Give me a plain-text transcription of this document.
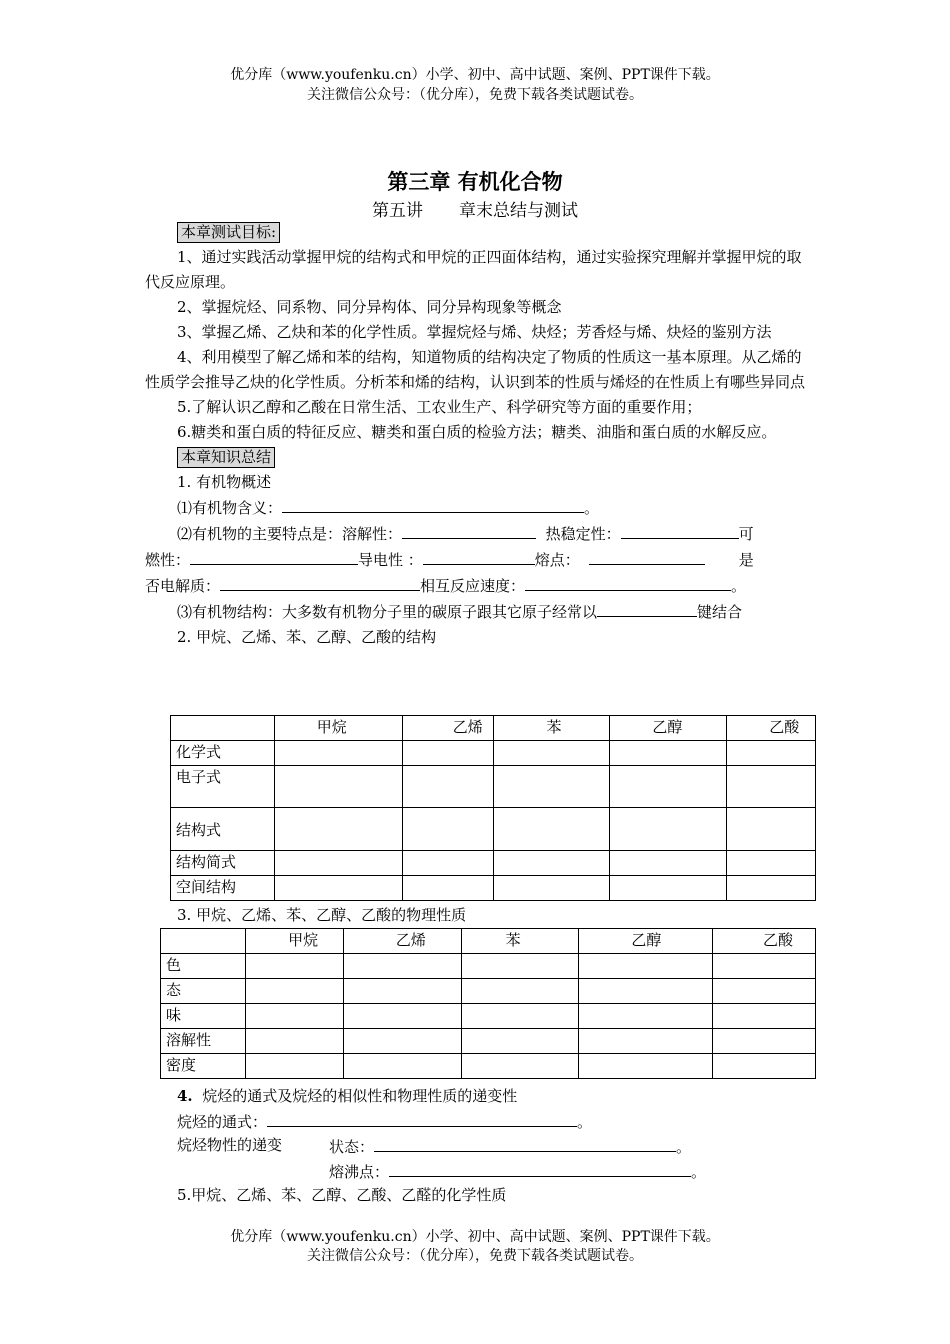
优分库（www.youfenku.cn）小学、初中、高中试题、案例、PPT课件下载。
关注微信公众号：（优分库），免费下载各类试题试卷。
第三章 有机化合物
第五讲 章末总结与测试
本章测试目标:

1、通过实践活动掌握甲烷的结构式和甲烷的正四面体结构，通过实验探究理解并掌握甲烷的取代反应原理。

2、掌握烷烃、同系物、同分异构体、同分异构现象等概念

3、掌握乙烯、乙炔和苯的化学性质。掌握烷烃与烯、炔烃；芳香烃与烯、炔烃的鉴别方法

4、利用模型了解乙烯和苯的结构，知道物质的结构决定了物质的性质这一基本原理。从乙烯的性质学会推导乙炔的化学性质。分析苯和烯的结构，认识到苯的性质与烯烃的在性质上有哪些异同点

5.了解认识乙醇和乙酸在日常生活、工农业生产、科学研究等方面的重要作用；

6.糖类和蛋白质的特征反应、糖类和蛋白质的检验方法；糖类、油脂和蛋白质的水解反应。

本章知识总结

1. 有机物概述

⑴有机物含义：	。

⑵有机物的主要特点是：溶解性：	热稳定性：	可

燃性：	导电性 ：	熔点：	是

否电解质：	相互反应速度：	。

⑶有机物结构：大多数有机物分子里的碳原子跟其它原子经常以	键结合

2. 甲烷、乙烯、苯、乙醇、乙酸的结构

	甲烷	乙烯	苯	乙醇	乙酸
化学式					
电子式					
结构式					
结构简式					
空间结构					
3. 甲烷、乙烯、苯、乙醇、乙酸的物理性质
	甲烷	乙烯	苯	乙醇	乙酸
色					
态					
味					
溶解性					
密度					
4. 烷烃的通式及烷烃的相似性和物理性质的递变性
烷烃的通式：	。
烷烃物性的递变	状态：	。
熔沸点：	。
5.甲烷、乙烯、苯、乙醇、乙酸、乙醛的化学性质
优分库（www.youfenku.cn）小学、初中、高中试题、案例、PPT课件下载。
关注微信公众号：（优分库），免费下载各类试题试卷。
